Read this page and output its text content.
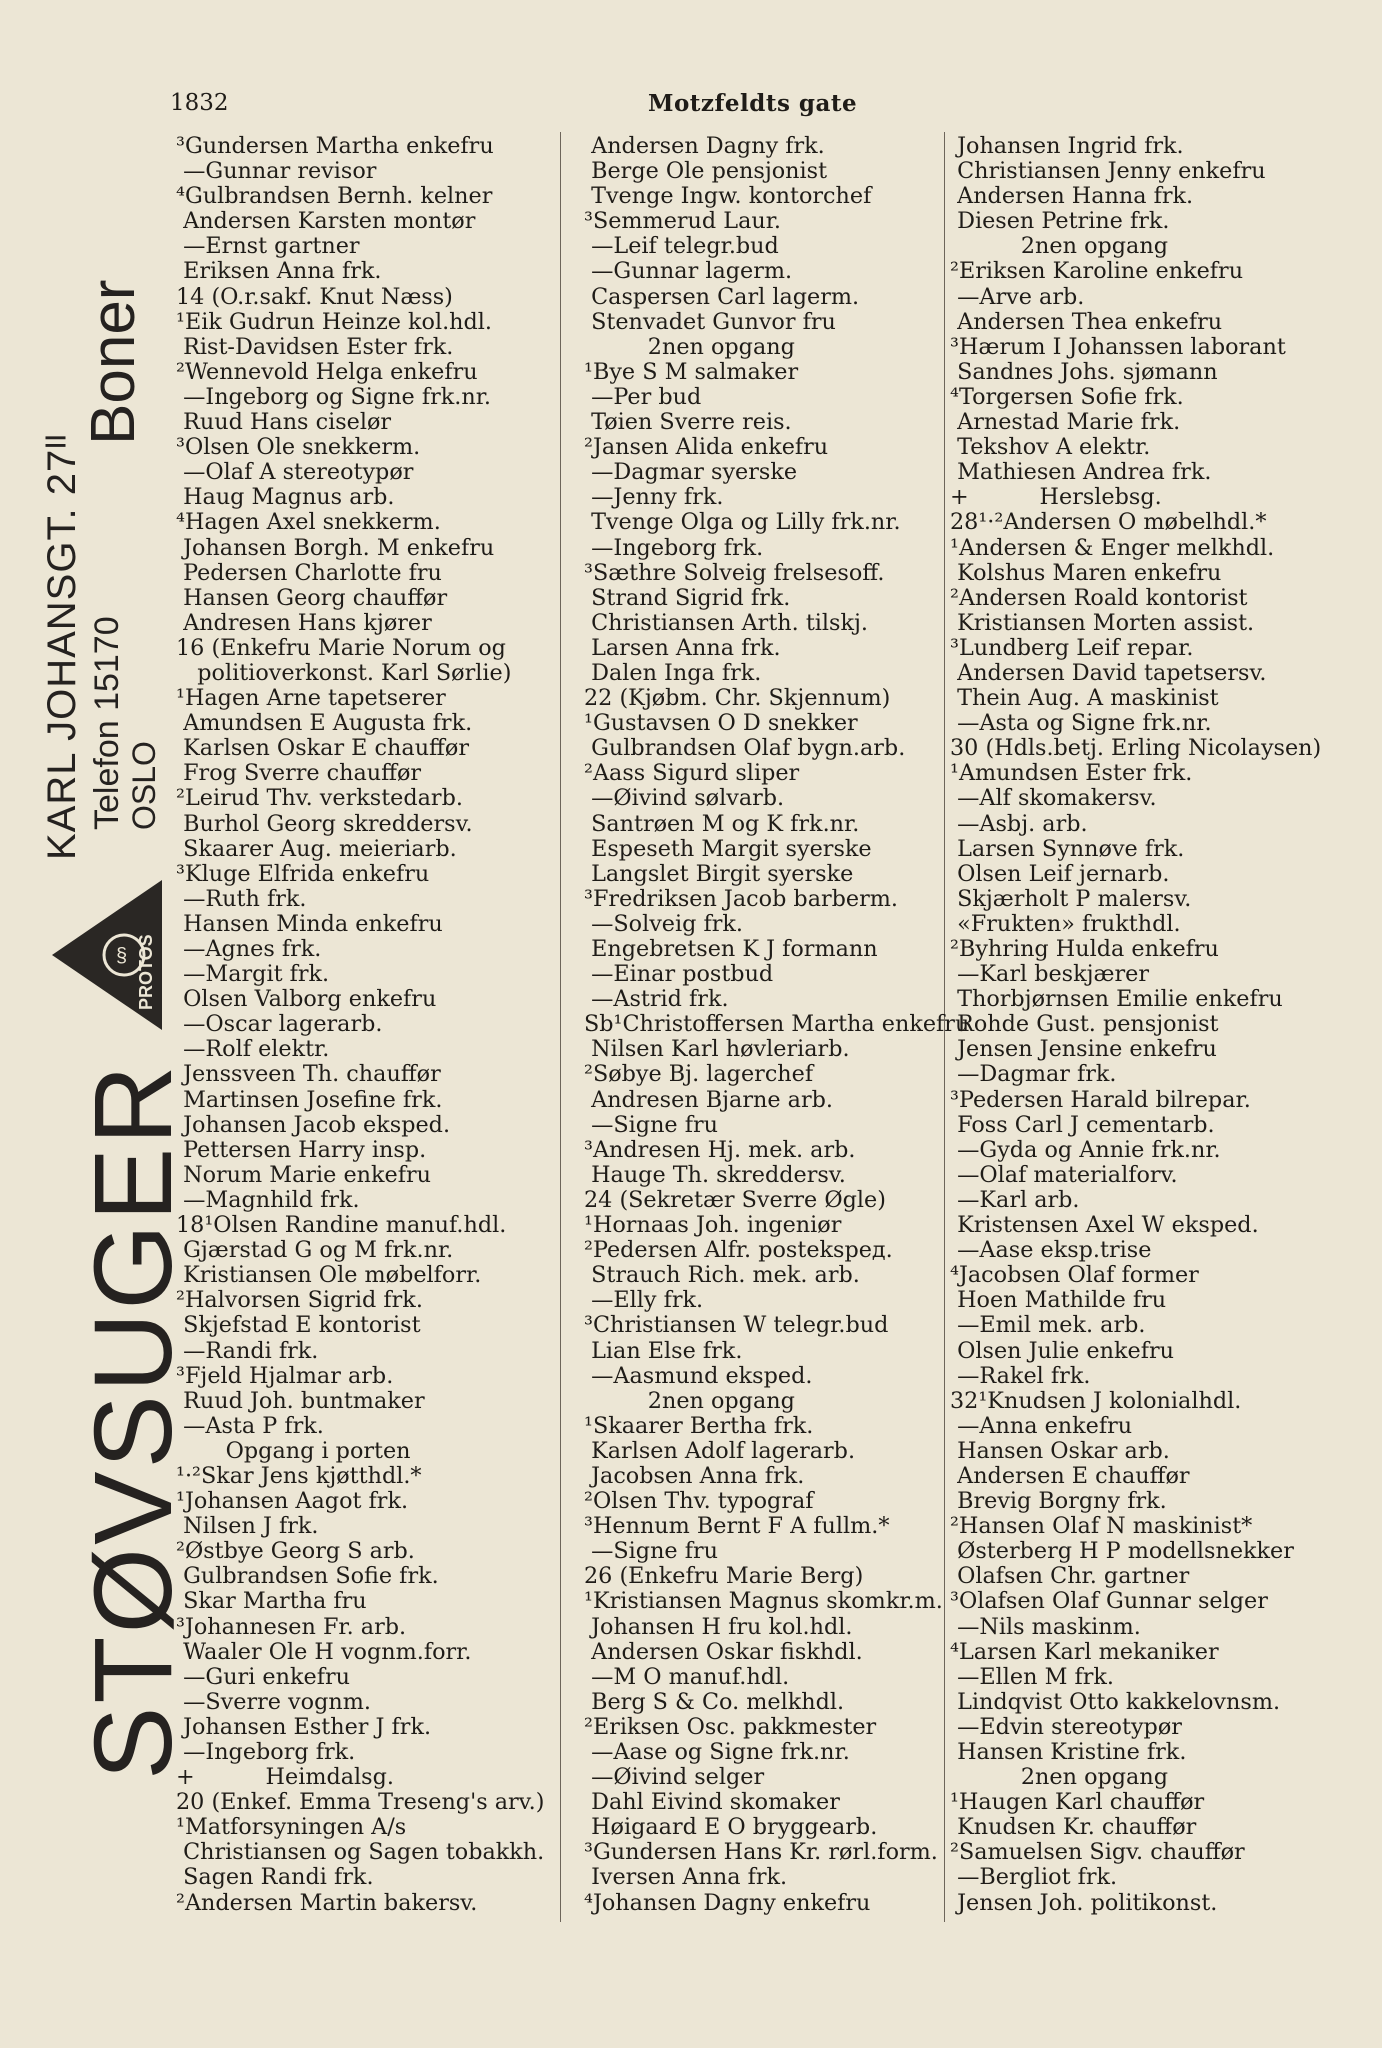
1832	Motzfeldts gate
Boner
KARL JOHANSGT. 27ᴵᴵ Telefon 15170 OSLO
§ PROTOS
STØVSUGER
³Gundersen Martha enkefru
—Gunnar revisor
⁴Gulbrandsen Bernh. kelner
Andersen Karsten montør
—Ernst gartner
Eriksen Anna frk.
14 (O.r.sakf. Knut Næss)
¹Eik Gudrun Heinze kol.hdl.
Rist-Davidsen Ester frk.
²Wennevold Helga enkefru
—Ingeborg og Signe frk.nr.
Ruud Hans ciselør
³Olsen Ole snekkerm.
—Olaf A stereotypør
Haug Magnus arb.
⁴Hagen Axel snekkerm.
Johansen Borgh. M enkefru
Pedersen Charlotte fru
Hansen Georg chauffør
Andresen Hans kjører
16 (Enkefru Marie Norum og
politioverkonst. Karl Sørlie)
¹Hagen Arne tapetserer
Amundsen E Augusta frk.
Karlsen Oskar E chauffør
Frog Sverre chauffør
²Leirud Thv. verkstedarb.
Burhol Georg skreddersv.
Skaarer Aug. meieriarb.
³Kluge Elfrida enkefru
—Ruth frk.
Hansen Minda enkefru
—Agnes frk.
—Margit frk.
Olsen Valborg enkefru
—Oscar lagerarb.
—Rolf elektr.
Jenssveen Th. chauffør
Martinsen Josefine frk.
Johansen Jacob eksped.
Pettersen Harry insp.
Norum Marie enkefru
—Magnhild frk.
18¹Olsen Randine manuf.hdl.
Gjærstad G og M frk.nr.
Kristiansen Ole møbelforr.
²Halvorsen Sigrid frk.
Skjefstad E kontorist
—Randi frk.
³Fjeld Hjalmar arb.
Ruud Joh. buntmaker
—Asta P frk.
Opgang i porten
¹·²Skar Jens kjøtthdl.*
¹Johansen Aagot frk.
Nilsen J frk.
²Østbye Georg S arb.
Gulbrandsen Sofie frk.
Skar Martha fru
³Johannesen Fr. arb.
Waaler Ole H vognm.forr.
—Guri enkefru
—Sverre vognm.
Johansen Esther J frk.
—Ingeborg frk.
+          Heimdalsg.
20 (Enkef. Emma Treseng's arv.)
¹Matforsyningen A/s
Christiansen og Sagen tobakkh.
Sagen Randi frk.
²Andersen Martin bakersv.
Andersen Dagny frk.
Berge Ole pensjonist
Tvenge Ingw. kontorchef
³Semmerud Laur.
—Leif telegr.bud
—Gunnar lagerm.
Caspersen Carl lagerm.
Stenvadet Gunvor fru
2nen opgang
¹Bye S M salmaker
—Per bud
Tøien Sverre reis.
²Jansen Alida enkefru
—Dagmar syerske
—Jenny frk.
Tvenge Olga og Lilly frk.nr.
—Ingeborg frk.
³Sæthre Solveig frelsesoff.
Strand Sigrid frk.
Christiansen Arth. tilskj.
Larsen Anna frk.
Dalen Inga frk.
22 (Kjøbm. Chr. Skjennum)
¹Gustavsen O D snekker
Gulbrandsen Olaf bygn.arb.
²Aass Sigurd sliper
—Øivind sølvarb.
Santrøen M og K frk.nr.
Espeseth Margit syerske
Langslet Birgit syerske
³Fredriksen Jacob barberm.
—Solveig frk.
Engebretsen K J formann
—Einar postbud
—Astrid frk.
Sb¹Christoffersen Martha enkefru
Nilsen Karl høvleriarb.
²Søbye Bj. lagerchef
Andresen Bjarne arb.
—Signe fru
³Andresen Hj. mek. arb.
Hauge Th. skreddersv.
24 (Sekretær Sverre Øgle)
¹Hornaas Joh. ingeniør
²Pedersen Alfr. postekspeд.
Strauch Rich. mek. arb.
—Elly frk.
³Christiansen W telegr.bud
Lian Else frk.
—Aasmund eksped.
2nen opgang
¹Skaarer Bertha frk.
Karlsen Adolf lagerarb.
Jacobsen Anna frk.
²Olsen Thv. typograf
³Hennum Bernt F A fullm.*
—Signe fru
26 (Enkefru Marie Berg)
¹Kristiansen Magnus skomkr.m.
Johansen H fru kol.hdl.
Andersen Oskar fiskhdl.
—M O manuf.hdl.
Berg S & Co. melkhdl.
²Eriksen Osc. pakkmester
—Aase og Signe frk.nr.
—Øivind selger
Dahl Eivind skomaker
Høigaard E O bryggearb.
³Gundersen Hans Kr. rørl.form.
Iversen Anna frk.
⁴Johansen Dagny enkefru
Johansen Ingrid frk.
Christiansen Jenny enkefru
Andersen Hanna frk.
Diesen Petrine frk.
2nen opgang
²Eriksen Karoline enkefru
—Arve arb.
Andersen Thea enkefru
³Hærum I Johanssen laborant
Sandnes Johs. sjømann
⁴Torgersen Sofie frk.
Arnestad Marie frk.
Tekshov A elektr.
Mathiesen Andrea frk.
+          Herslebsg.
28¹·²Andersen O møbelhdl.*
¹Andersen & Enger melkhdl.
Kolshus Maren enkefru
²Andersen Roald kontorist
Kristiansen Morten assist.
³Lundberg Leif repar.
Andersen David tapetsersv.
Thein Aug. A maskinist
—Asta og Signe frk.nr.
30 (Hdls.betj. Erling Nicolaysen)
¹Amundsen Ester frk.
—Alf skomakersv.
—Asbj. arb.
Larsen Synnøve frk.
Olsen Leif jernarb.
Skjærholt P malersv.
«Frukten» frukthdl.
²Byhring Hulda enkefru
—Karl beskjærer
Thorbjørnsen Emilie enkefru
Rohde Gust. pensjonist
Jensen Jensine enkefru
—Dagmar frk.
³Pedersen Harald bilrepar.
Foss Carl J cementarb.
—Gyda og Annie frk.nr.
—Olaf materialforv.
—Karl arb.
Kristensen Axel W eksped.
—Aase eksp.trise
⁴Jacobsen Olaf former
Hoen Mathilde fru
—Emil mek. arb.
Olsen Julie enkefru
—Rakel frk.
32¹Knudsen J kolonialhdl.
—Anna enkefru
Hansen Oskar arb.
Andersen E chauffør
Brevig Borgny frk.
²Hansen Olaf N maskinist*
Østerberg H P modellsnekker
Olafsen Chr. gartner
³Olafsen Olaf Gunnar selger
—Nils maskinm.
⁴Larsen Karl mekaniker
—Ellen M frk.
Lindqvist Otto kakkelovnsm.
—Edvin stereotypør
Hansen Kristine frk.
2nen opgang
¹Haugen Karl chauffør
Knudsen Kr. chauffør
²Samuelsen Sigv. chauffør
—Bergliot frk.
Jensen Joh. politikonst.
